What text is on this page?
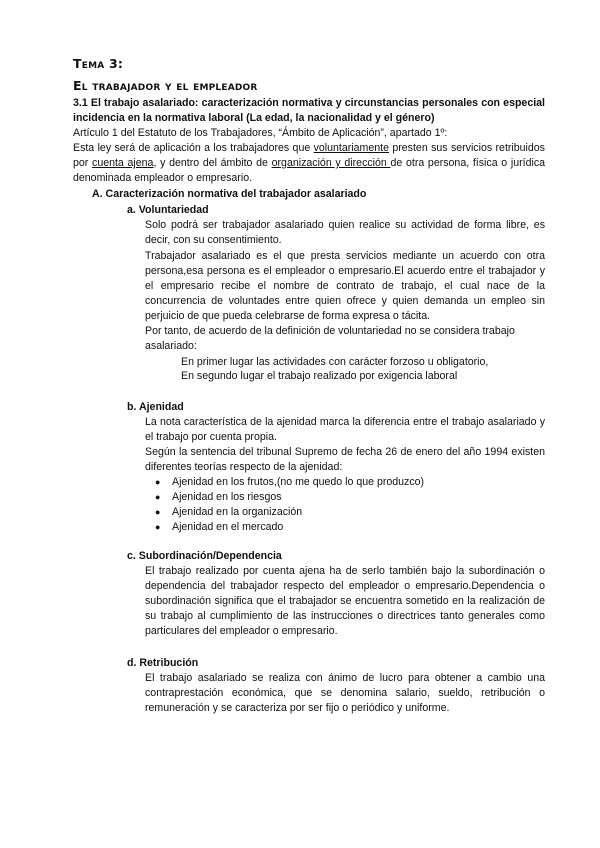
Tema 3:
El trabajador y el empleador

3.1 El trabajo asalariado: caracterización normativa y circunstancias personales con especial incidencia en la normativa laboral (La edad, la nacionalidad y el género)

Artículo 1 del Estatuto de los Trabajadores, “Ámbito de Aplicación”, apartado 1º:

Esta ley será de aplicación a los trabajadores que voluntariamente presten sus servicios retribuidos por cuenta ajena, y dentro del ámbito de organización y dirección de otra persona, física o jurídica denominada empleador o empresario.

A. Caracterización normativa del trabajador asalariado

a. Voluntariedad

Solo podrá ser trabajador asalariado quien realice su actividad de forma libre, es decir, con su consentimiento.

Trabajador asalariado es el que presta servicios mediante un acuerdo con otra persona,esa persona es el empleador o empresario.El acuerdo entre el trabajador y el empresario recibe el nombre de contrato de trabajo, el cual nace de la concurrencia de voluntades entre quien ofrece y quien demanda un empleo sin perjuicio de que pueda celebrarse de forma expresa o tácita.

Por tanto, de acuerdo de la definición de voluntariedad no se considera trabajo asalariado:

En primer lugar las actividades con carácter forzoso u obligatorio,

En segundo lugar el trabajo realizado por exigencia laboral

b. Ajenidad

La nota característica de la ajenidad marca la diferencia entre el trabajo asalariado y el trabajo por cuenta propia.

Según la sentencia del tribunal Supremo de fecha 26 de enero del año 1994 existen diferentes teorías respecto de la ajenidad:

● Ajenidad en los frutos,(no me quedo lo que produzco)
● Ajenidad en los riesgos
● Ajenidad en la organización
● Ajenidad en el mercado

c. Subordinación/Dependencia

El trabajo realizado por cuenta ajena ha de serlo también bajo la subordinación o dependencia del trabajador respecto del empleador o empresario.Dependencia o subordinación significa que el trabajador se encuentra sometido en la realización de su trabajo al cumplimiento de las instrucciones o directrices tanto generales como particulares del empleador o empresario.

d. Retribución

El trabajo asalariado se realiza con ánimo de lucro para obtener a cambio una contraprestación económica, que se denomina salario, sueldo, retribución o remuneración y se caracteriza por ser fijo o periódico y uniforme.
